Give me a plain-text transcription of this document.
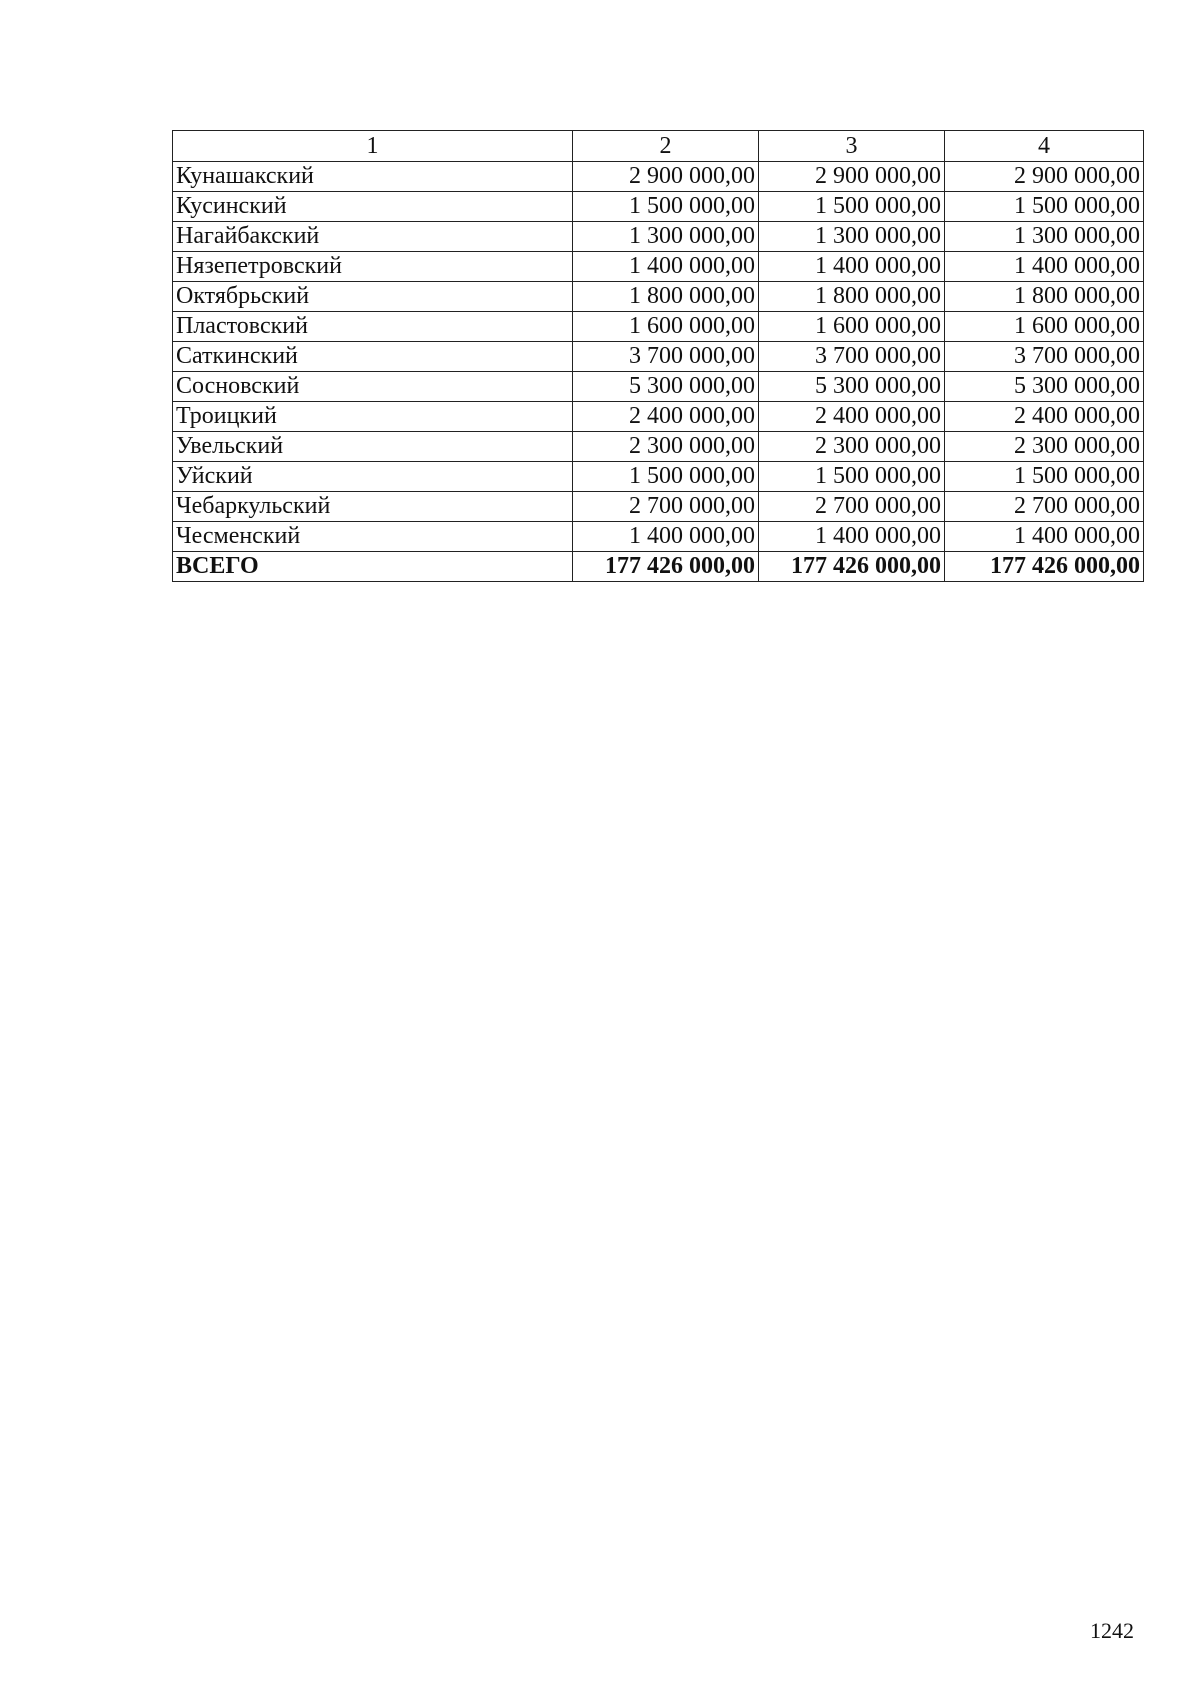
1	2	3	4
Кунашакский	2 900 000,00	2 900 000,00	2 900 000,00
Кусинский	1 500 000,00	1 500 000,00	1 500 000,00
Нагайбакский	1 300 000,00	1 300 000,00	1 300 000,00
Нязепетровский	1 400 000,00	1 400 000,00	1 400 000,00
Октябрьский	1 800 000,00	1 800 000,00	1 800 000,00
Пластовский	1 600 000,00	1 600 000,00	1 600 000,00
Саткинский	3 700 000,00	3 700 000,00	3 700 000,00
Сосновский	5 300 000,00	5 300 000,00	5 300 000,00
Троицкий	2 400 000,00	2 400 000,00	2 400 000,00
Увельский	2 300 000,00	2 300 000,00	2 300 000,00
Уйский	1 500 000,00	1 500 000,00	1 500 000,00
Чебаркульский	2 700 000,00	2 700 000,00	2 700 000,00
Чесменский	1 400 000,00	1 400 000,00	1 400 000,00
ВСЕГО	177 426 000,00	177 426 000,00	177 426 000,00
1242
